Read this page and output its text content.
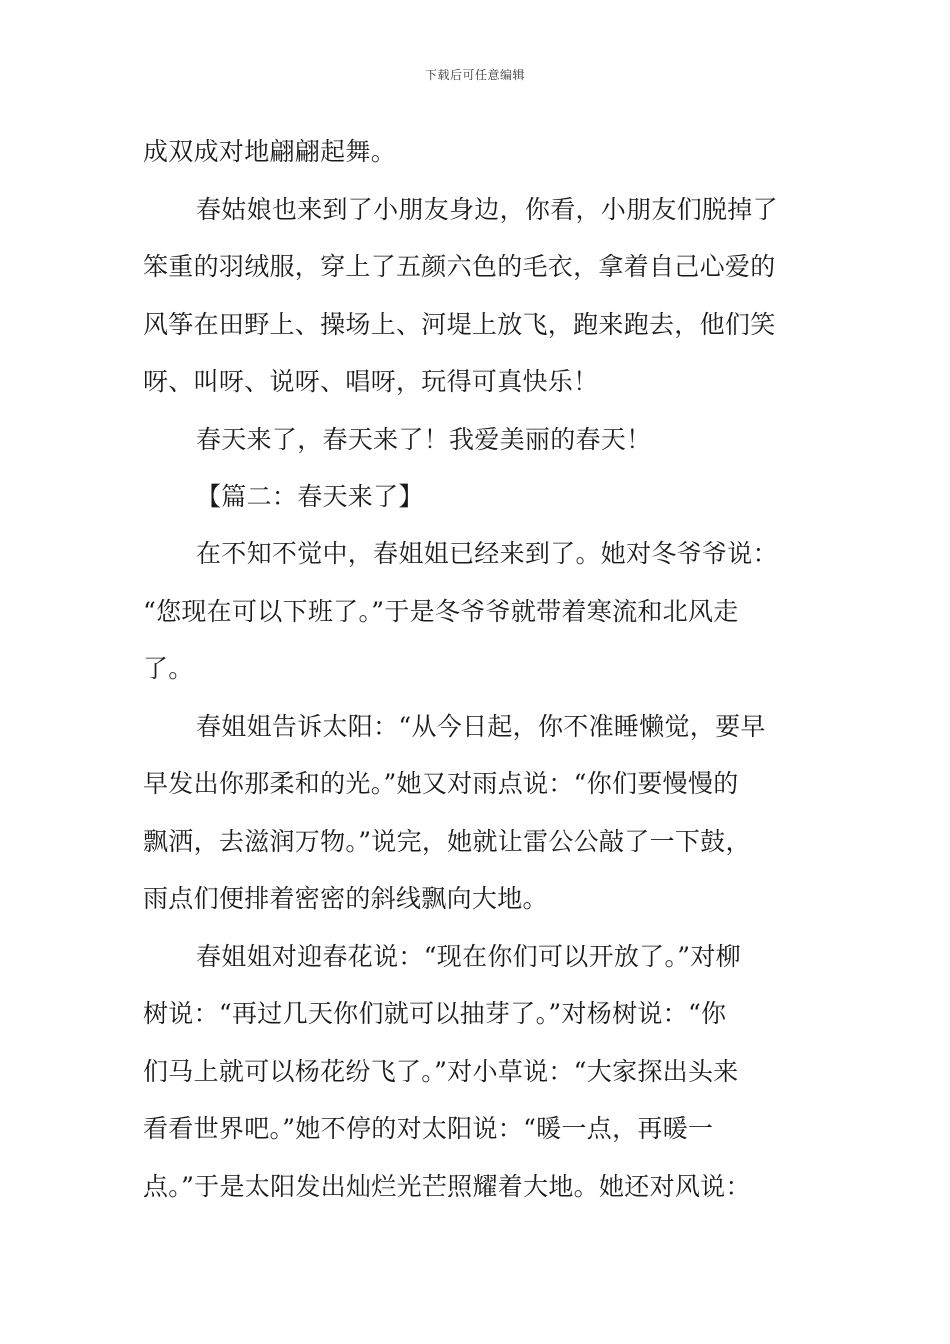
下载后可任意编辑
成双成对地翩翩起舞。
春姑娘也来到了小朋友身边，你看，小朋友们脱掉了
笨重的羽绒服，穿上了五颜六色的毛衣，拿着自己心爱的
风筝在田野上、操场上、河堤上放飞，跑来跑去，他们笑
呀、叫呀、说呀、唱呀，玩得可真快乐！
春天来了，春天来了！我爱美丽的春天！
【篇二：春天来了】
在不知不觉中，春姐姐已经来到了。她对冬爷爷说：
“您现在可以下班了。”于是冬爷爷就带着寒流和北风走
了。
春姐姐告诉太阳：“从今日起，你不准睡懒觉，要早
早发出你那柔和的光。”她又对雨点说：“你们要慢慢的
飘洒，去滋润万物。”说完，她就让雷公公敲了一下鼓，
雨点们便排着密密的斜线飘向大地。
春姐姐对迎春花说：“现在你们可以开放了。”对柳
树说：“再过几天你们就可以抽芽了。”对杨树说：“你
们马上就可以杨花纷飞了。”对小草说：“大家探出头来
看看世界吧。”她不停的对太阳说：“暖一点，再暖一
点。”于是太阳发出灿烂光芒照耀着大地。她还对风说：
